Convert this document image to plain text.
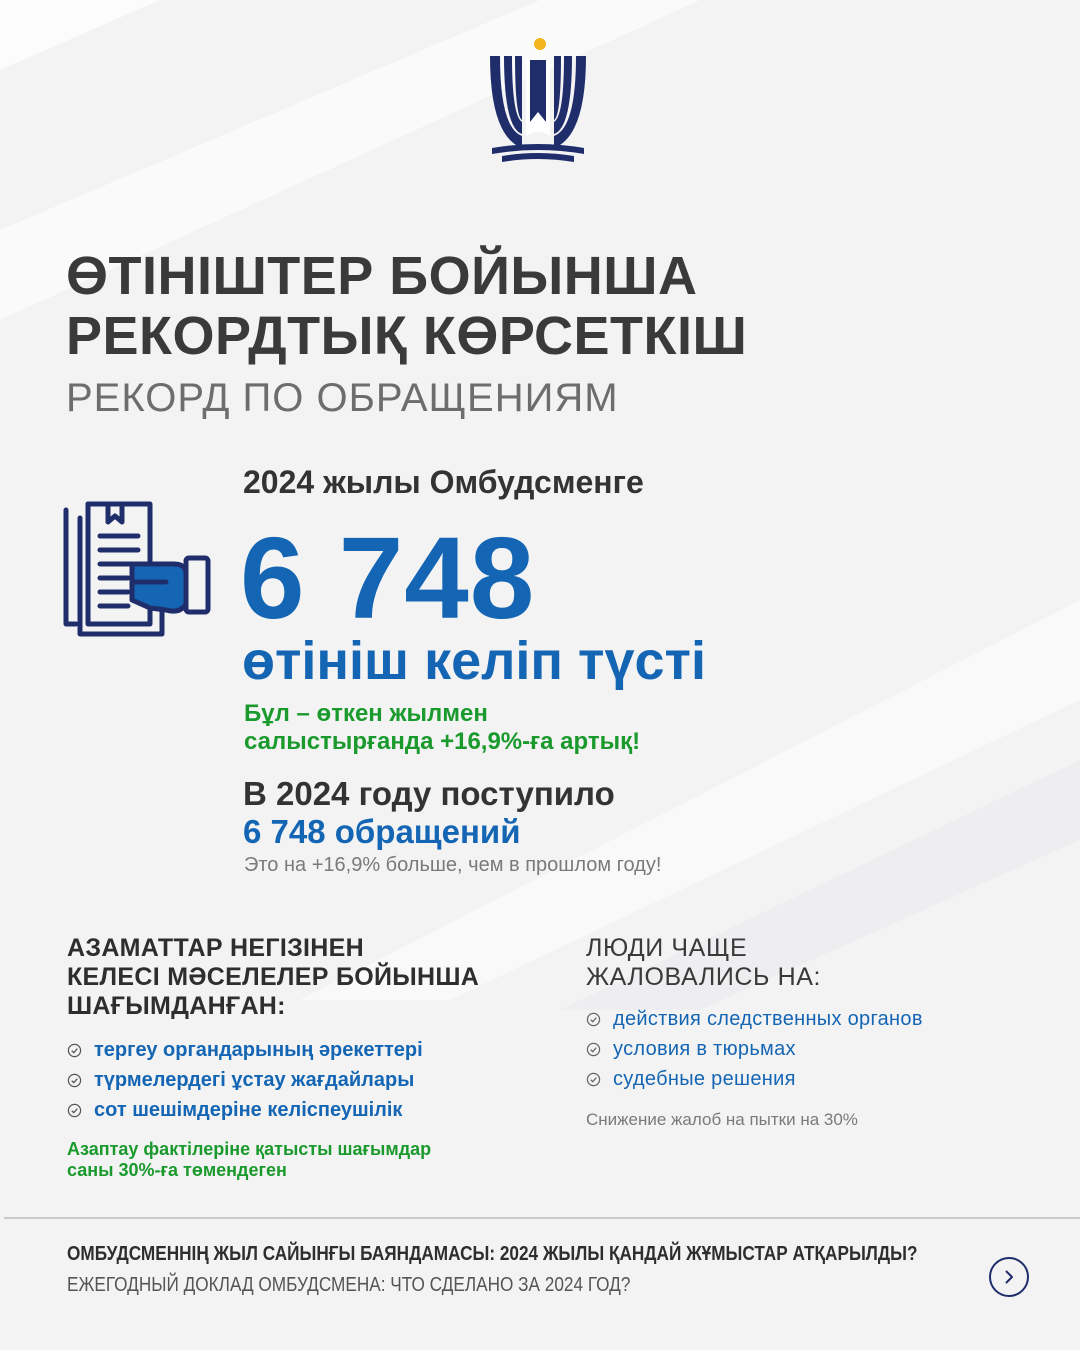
ӨТІНІШТЕР БОЙЫНША
РЕКОРДТЫҚ КӨРСЕТКІШ
РЕКОРД ПО ОБРАЩЕНИЯМ
2024 жылы Омбудсменге
6 748
өтініш келіп түсті
Бұл – өткен жылмен
салыстырғанда +16,9%-ға артық!
В 2024 году поступило
6 748 обращений
Это на +16,9% больше, чем в прошлом году!
АЗАМАТТАР НЕГІЗІНЕН
КЕЛЕСІ МӘСЕЛЕЛЕР БОЙЫНША
ШАҒЫМДАНҒАН:
тергеу органдарының әрекеттері
түрмелердегі ұстау жағдайлары
сот шешімдеріне келіспеушілік
Азаптау фактілеріне қатысты шағымдар
саны 30%-ға төмендеген
ЛЮДИ ЧАЩЕ
ЖАЛОВАЛИСЬ НА:
действия следственных органов
условия в тюрьмах
судебные решения
Снижение жалоб на пытки на 30%
ОМБУДСМЕННІҢ ЖЫЛ САЙЫНҒЫ БАЯНДАМАСЫ: 2024 ЖЫЛЫ ҚАНДАЙ ЖҰМЫСТАР АТҚАРЫЛДЫ?
ЕЖЕГОДНЫЙ ДОКЛАД ОМБУДСМЕНА: ЧТО СДЕЛАНО ЗА 2024 ГОД?
